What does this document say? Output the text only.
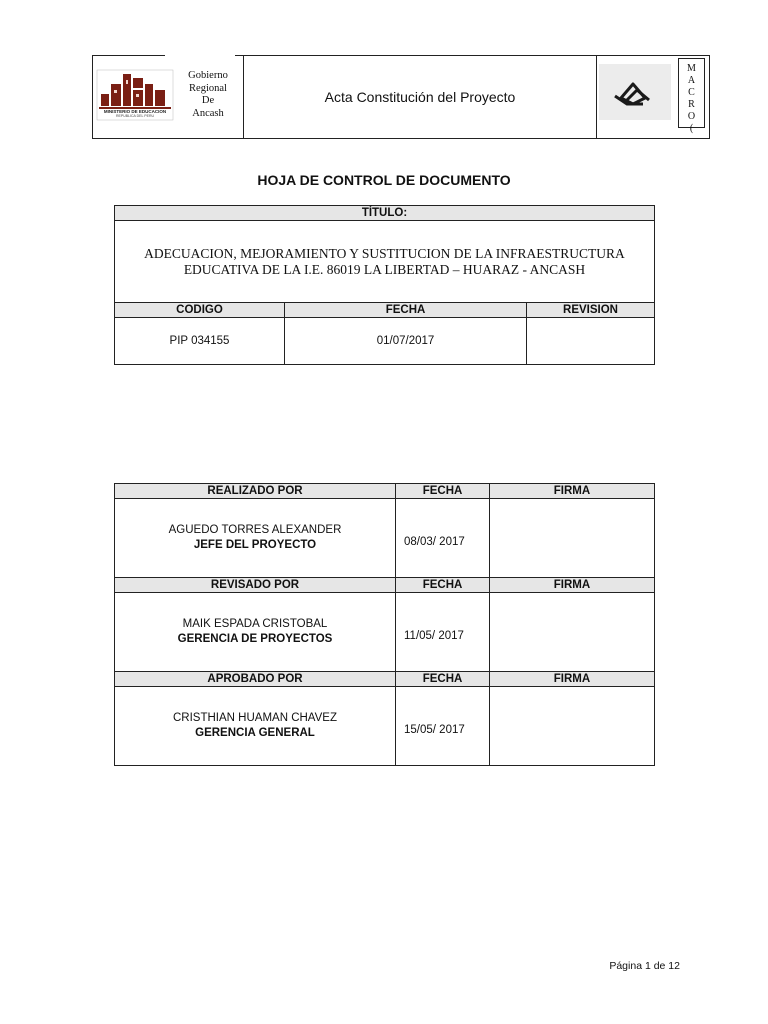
MINISTERIO DE EDUCACION
REPUBLICA DEL PERU
Gobierno
Regional
De
Ancash
Acta Constitución del Proyecto
M
A
C
R
O
(
HOJA DE CONTROL DE DOCUMENTO
TÍTULO:		
ADECUACION, MEJORAMIENTO Y SUSTITUCION DE LA INFRAESTRUCTURA EDUCATIVA DE LA I.E. 86019 LA LIBERTAD – HUARAZ - ANCASH		
CODIGO	FECHA	REVISION
PIP 034155	01/07/2017	
REALIZADO POR	FECHA	FIRMA

AGUEDO TORRES ALEXANDER
JEFE DEL PROYECTO	08/03/ 2017	
REVISADO POR	FECHA	FIRMA

MAIK ESPADA CRISTOBAL
GERENCIA DE PROYECTOS	11/05/ 2017	
APROBADO POR	FECHA	FIRMA

CRISTHIAN HUAMAN CHAVEZ
GERENCIA GENERAL	15/05/ 2017	
Página 1 de 12
